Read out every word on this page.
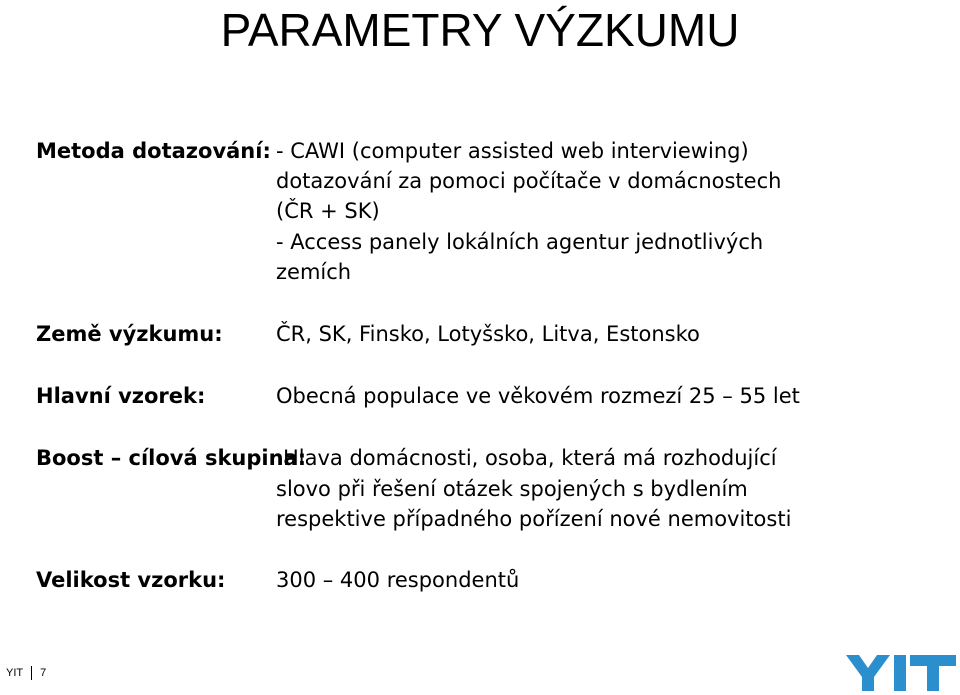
PARAMETRY VÝZKUMU
Metoda dotazování: - CAWI (computer assisted web interviewing)
dotazování za pomoci počítače v domácnostech
(ČR + SK)
- Access panely lokálních agentur jednotlivých
zemích
Země výzkumu:	ČR, SK, Finsko, Lotyšsko, Litva, Estonsko
Hlavní vzorek:	Obecná populace ve věkovém rozmezí 25 – 55 let
Boost – cílová skupina:
Hlava domácnosti, osoba, která má rozhodující
slovo při řešení otázek spojených s bydlením
respektive případného pořízení nové nemovitosti
Velikost vzorku: 300 – 400 respondentů
YIT 7
